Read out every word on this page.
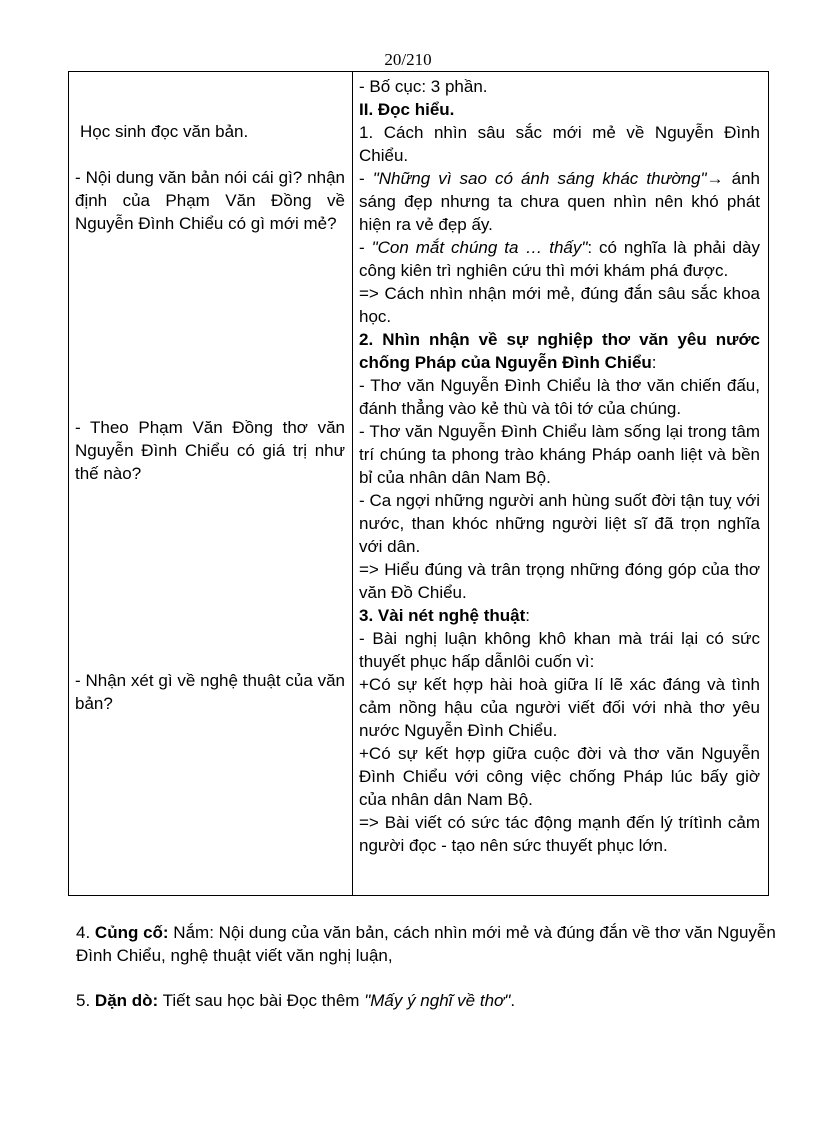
20/210
Học sinh đọc văn bản.
- Nội dung văn bản nói cái gì? nhận định của Phạm Văn Đồng về Nguyễn Đình Chiểu có gì mới mẻ?
- Theo Phạm Văn Đồng thơ văn Nguyễn Đình Chiểu có giá trị như thế nào?
- Nhận xét gì về nghệ thuật của văn bản?

- Bố cục: 3 phần.

II. Đọc hiểu.

1. Cách nhìn sâu sắc mới mẻ về Nguyễn Đình Chiểu.

- "Những vì sao có ánh sáng khác thường"→ ánh sáng đẹp nhưng ta chưa quen nhìn nên khó phát hiện ra vẻ đẹp ấy.

- "Con mắt chúng ta … thấy": có nghĩa là phải dày công kiên trì nghiên cứu thì mới khám phá được.

=> Cách nhìn nhận mới mẻ, đúng đắn sâu sắc khoa học.

2. Nhìn nhận về sự nghiệp thơ văn yêu nước chống Pháp của Nguyễn Đình Chiểu:

- Thơ văn Nguyễn Đình Chiểu là thơ văn chiến đấu, đánh thẳng vào kẻ thù và tôi tớ của chúng.

- Thơ văn Nguyễn Đình Chiểu làm sống lại trong tâm trí chúng ta phong trào kháng Pháp oanh liệt và bền bỉ của nhân dân Nam Bộ.

- Ca ngợi những người anh hùng suốt đời tận tuỵ với nước, than khóc những người liệt sĩ đã trọn nghĩa với dân.

=> Hiểu đúng và trân trọng những đóng góp của thơ văn Đồ Chiểu.

3. Vài nét nghệ thuật:

- Bài nghị luận không khô khan mà trái lại có sức thuyết phục hấp dẫnlôi cuốn vì:

+Có sự kết hợp hài hoà giữa lí lẽ xác đáng và tình cảm nồng hậu của người viết đối với nhà thơ yêu nước Nguyễn Đình Chiểu.

+Có sự kết hợp giữa cuộc đời và thơ văn Nguyễn Đình Chiểu với công việc chống Pháp lúc bấy giờ của nhân dân Nam Bộ.

=> Bài viết có sức tác động mạnh đến lý trítình cảm người đọc - tạo nên sức thuyết phục lớn.

4. Củng cố: Nắm: Nội dung của văn bản, cách nhìn mới mẻ và đúng đắn về thơ văn Nguyễn Đình Chiểu, nghệ thuật viết văn nghị luận,
5. Dặn dò: Tiết sau học bài Đọc thêm "Mấy ý nghĩ về thơ".
